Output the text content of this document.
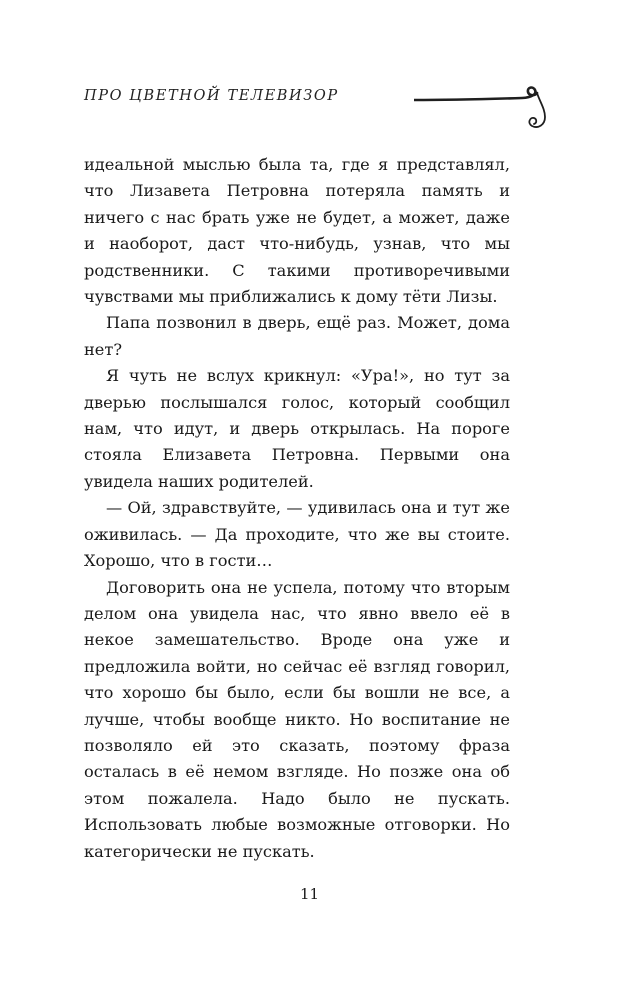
ПРО ЦВЕТНОЙ ТЕЛЕВИЗОР

идеальной мыслью была та, где я представлял, что Лизавета Петровна потеряла память и ничего с нас брать уже не будет, а может, даже и наоборот, даст что-нибудь, узнав, что мы родственники. С такими противоречивыми чувствами мы приближались к дому тёти Лизы.

Папа позвонил в дверь, ещё раз. Может, дома нет?

Я чуть не вслух крикнул: «Ура!», но тут за дверью послышался голос, который сообщил нам, что идут, и дверь открылась. На пороге стояла Елизавета Петровна. Первыми она увидела наших родителей.

— Ой, здравствуйте, — удивилась она и тут же оживилась. — Да проходите, что же вы стоите. Хорошо, что в гости…

Договорить она не успела, потому что вторым делом она увидела нас, что явно ввело её в некое замешательство. Вроде она уже и предложила войти, но сейчас её взгляд говорил, что хорошо бы было, если бы вошли не все, а лучше, чтобы вообще никто. Но воспитание не позволяло ей это сказать, поэтому фраза осталась в её немом взгляде. Но позже она об этом пожалела. Надо было не пускать. Использовать любые возможные отговорки. Но категорически не пускать.

11
